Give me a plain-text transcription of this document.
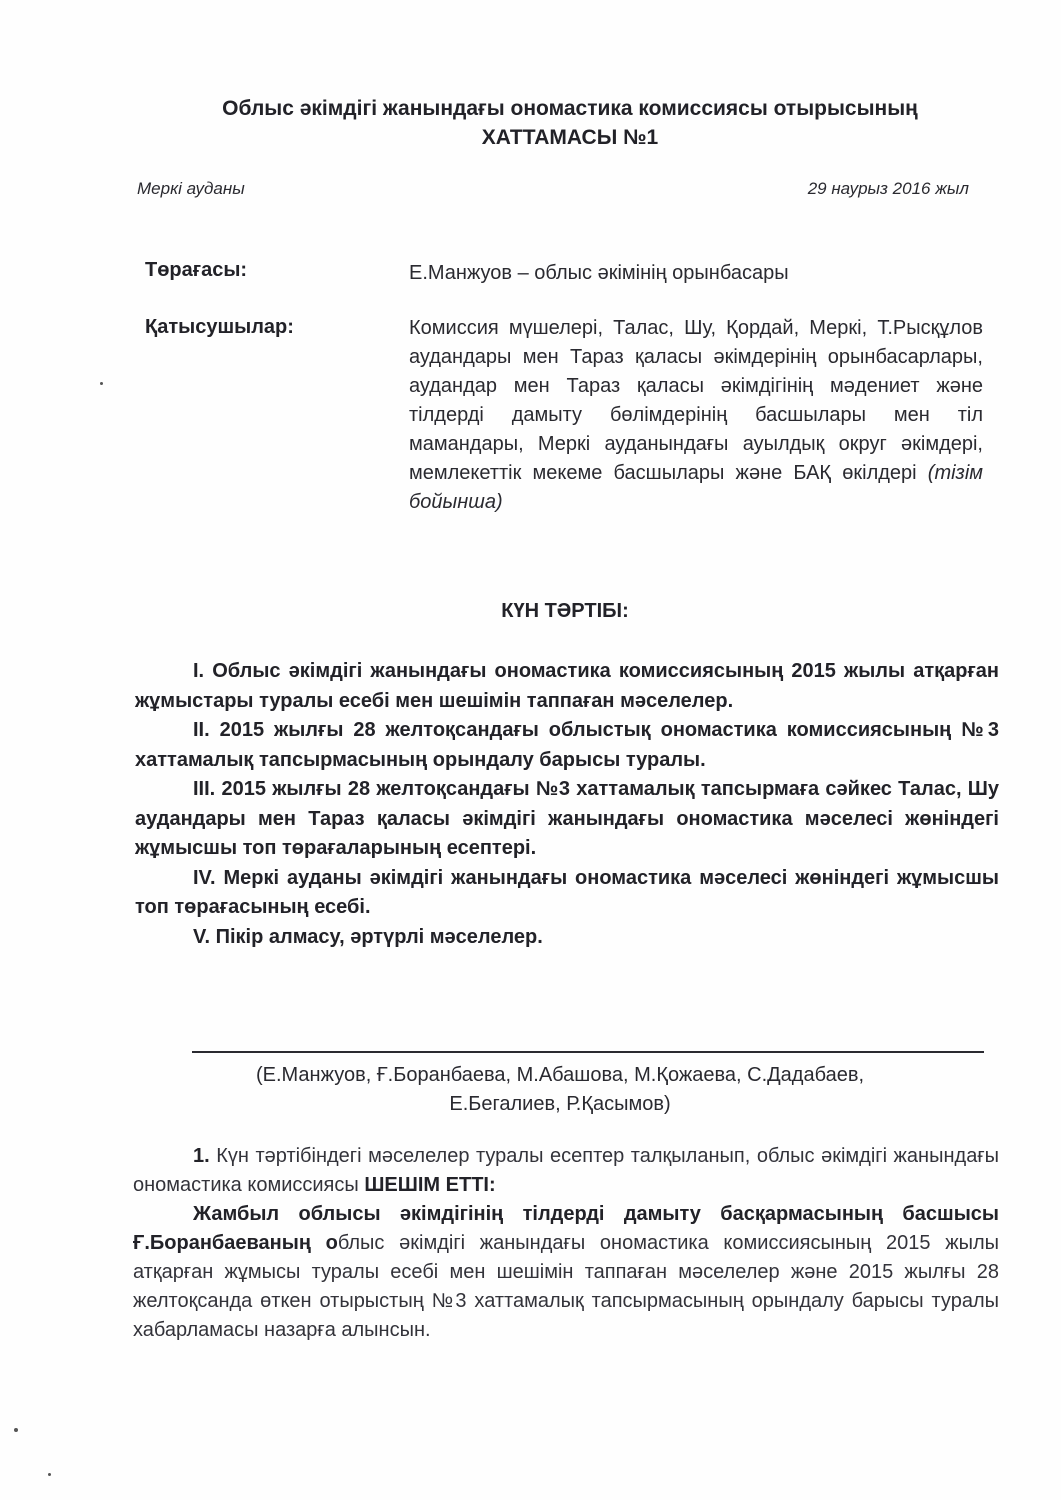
Облыс әкімдігі жанындағы ономастика комиссиясы отырысының
ХАТТАМАСЫ №1
Меркі ауданы	29 наурыз 2016 жыл
Төрағасы:	Е.Манжуов – облыс әкімінің орынбасары
Қатысушылар:	Комиссия мүшелері, Талас, Шу, Қордай, Меркі, Т.Рысқұлов аудандары мен Тараз қаласы әкімдерінің орынбасарлары, аудандар мен Тараз қаласы әкімдігінің мәдениет және тілдерді дамыту бөлімдерінің басшылары мен тіл мамандары, Меркі ауданындағы ауылдық округ әкімдері, мемлекеттік мекеме басшылары және БАҚ өкілдері (тізім бойынша)
КҮН ТӘРТІБІ:

I. Облыс әкімдігі жанындағы ономастика комиссиясының 2015 жылы атқарған жұмыстары туралы есебі мен шешімін таппаған мәселелер.

II. 2015 жылғы 28 желтоқсандағы облыстық ономастика комиссиясының №3 хаттамалық тапсырмасының орындалу барысы туралы.

III. 2015 жылғы 28 желтоқсандағы №3 хаттамалық тапсырмаға сәйкес Талас, Шу аудандары мен Тараз қаласы әкімдігі жанындағы ономастика мәселесі жөніндегі жұмысшы топ төрағаларының есептері.

IV. Меркі ауданы әкімдігі жанындағы ономастика мәселесі жөніндегі жұмысшы топ төрағасының есебі.

V. Пікір алмасу, әртүрлі мәселелер.

(Е.Манжуов, Ғ.Боранбаева, М.Абашова, М.Қожаева, С.Дадабаев,
Е.Бегалиев, Р.Қасымов)

1. Күн тәртібіндегі мәселелер туралы есептер талқыланып, облыс әкімдігі жанындағы ономастика комиссиясы ШЕШІМ ЕТТІ:

Жамбыл облысы әкімдігінің тілдерді дамыту басқармасының басшысы Ғ.Боранбаеваның облыс әкімдігі жанындағы ономастика комиссиясының 2015 жылы атқарған жұмысы туралы есебі мен шешімін таппаған мәселелер және 2015 жылғы 28 желтоқсанда өткен отырыстың №3 хаттамалық тапсырмасының орындалу барысы туралы хабарламасы назарға алынсын.
